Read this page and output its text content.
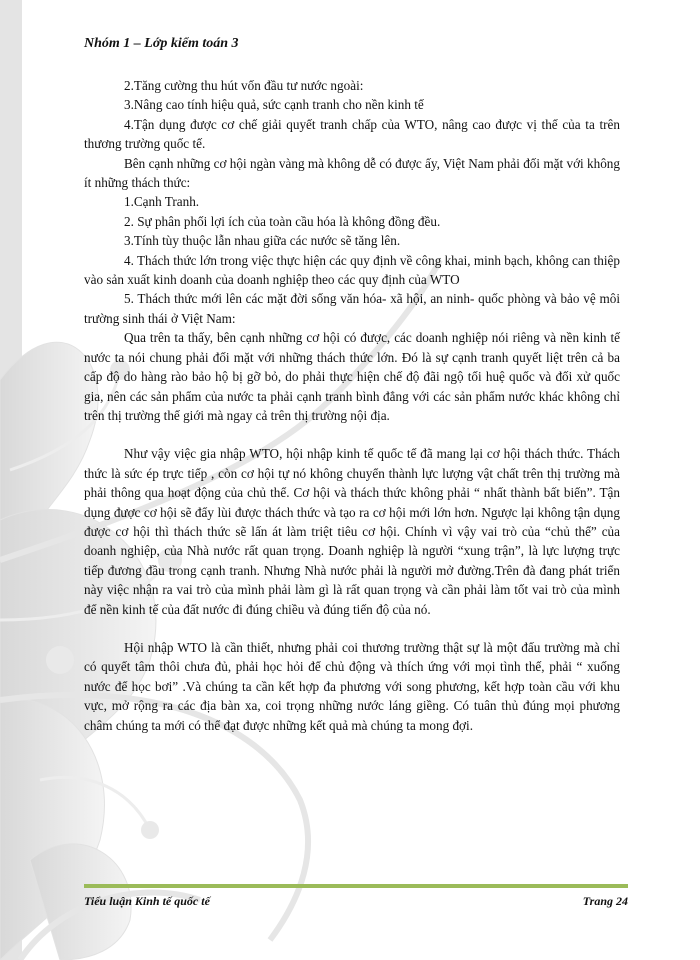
Nhóm 1 – Lớp kiểm toán 3

2.Tăng cường thu hút vốn đầu tư nước ngoài:

3.Nâng cao tính hiệu quả, sức cạnh tranh cho nền kinh tế

4.Tận dụng được cơ chế giải quyết tranh chấp của WTO, nâng cao được vị thế của ta trên thương trường quốc tế.

Bên cạnh những cơ hội ngàn vàng mà không dễ có được ấy, Việt Nam phải đối mặt với không ít những thách thức:

1.Cạnh Tranh.

2. Sự phân phối lợi ích của toàn cầu hóa là không đồng đều.

3.Tính tùy thuộc lẫn nhau giữa các nước sẽ tăng lên.

4. Thách thức lớn trong việc thực hiện các quy định về công khai, minh bạch, không can thiệp vào sản xuất kinh doanh của doanh nghiệp theo các quy định của WTO

5. Thách thức mới lên các mặt đời sống văn hóa- xã hội, an ninh- quốc phòng và bảo vệ môi trường sinh thái ở Việt Nam:

Qua trên ta thấy, bên cạnh những cơ hội có được, các doanh nghiệp nói riêng và nền kinh tế nước ta nói chung phải đối mặt với những thách thức lớn. Đó là sự cạnh tranh quyết liệt trên cả ba cấp độ do hàng rào bảo hộ bị gỡ bỏ, do phải thực hiện chế độ đãi ngộ tối huệ quốc và đối xử quốc gia, nên các sản phẩm của nước ta phải cạnh tranh bình đẳng với các sản phẩm nước khác không chỉ trên thị trường thế giới mà ngay cả trên thị trường nội địa.

Như vậy việc gia nhập WTO, hội nhập kinh tế quốc tế đã mang lại cơ hội thách thức. Thách thức là sức ép trực tiếp , còn cơ hội tự nó không chuyển thành lực lượng vật chất trên thị trường mà phải thông qua hoạt động của chủ thể. Cơ hội và thách thức không phải “ nhất thành bất biến”. Tận dụng được cơ hội sẽ đẩy lùi được thách thức và tạo ra cơ hội mới lớn hơn. Ngược lại không tận dụng được cơ hội thì thách thức sẽ lấn át làm triệt tiêu cơ hội. Chính vì vậy vai trò của “chủ thể” của doanh nghiệp, của Nhà nước rất quan trọng. Doanh nghiệp là người “xung trận”, là lực lượng trực tiếp đương đầu trong cạnh tranh. Nhưng Nhà nước phải là người mở đường.Trên đà đang phát triển này việc nhận ra vai trò của mình phải làm gì là rất quan trọng và cần phải làm tốt vai trò của mình để nền kinh tế của đất nước đi đúng chiều và đúng tiến độ của nó.

Hội nhập WTO là cần thiết, nhưng phải coi thương trường thật sự là một đấu trường mà chỉ có quyết tâm thôi chưa đủ, phải học hỏi để chủ động và thích ứng với mọi tình thế, phải “ xuống nước để học bơi” .Và chúng ta cần kết hợp đa phương với song phương, kết hợp toàn cầu với khu vực, mở rộng ra các địa bàn xa, coi trọng những nước láng giềng. Có tuân thủ đúng mọi phương châm chúng ta mới có thể đạt được những kết quả mà chúng ta mong đợi.

Tiểu luận Kinh tế quốc tế	Trang 24
